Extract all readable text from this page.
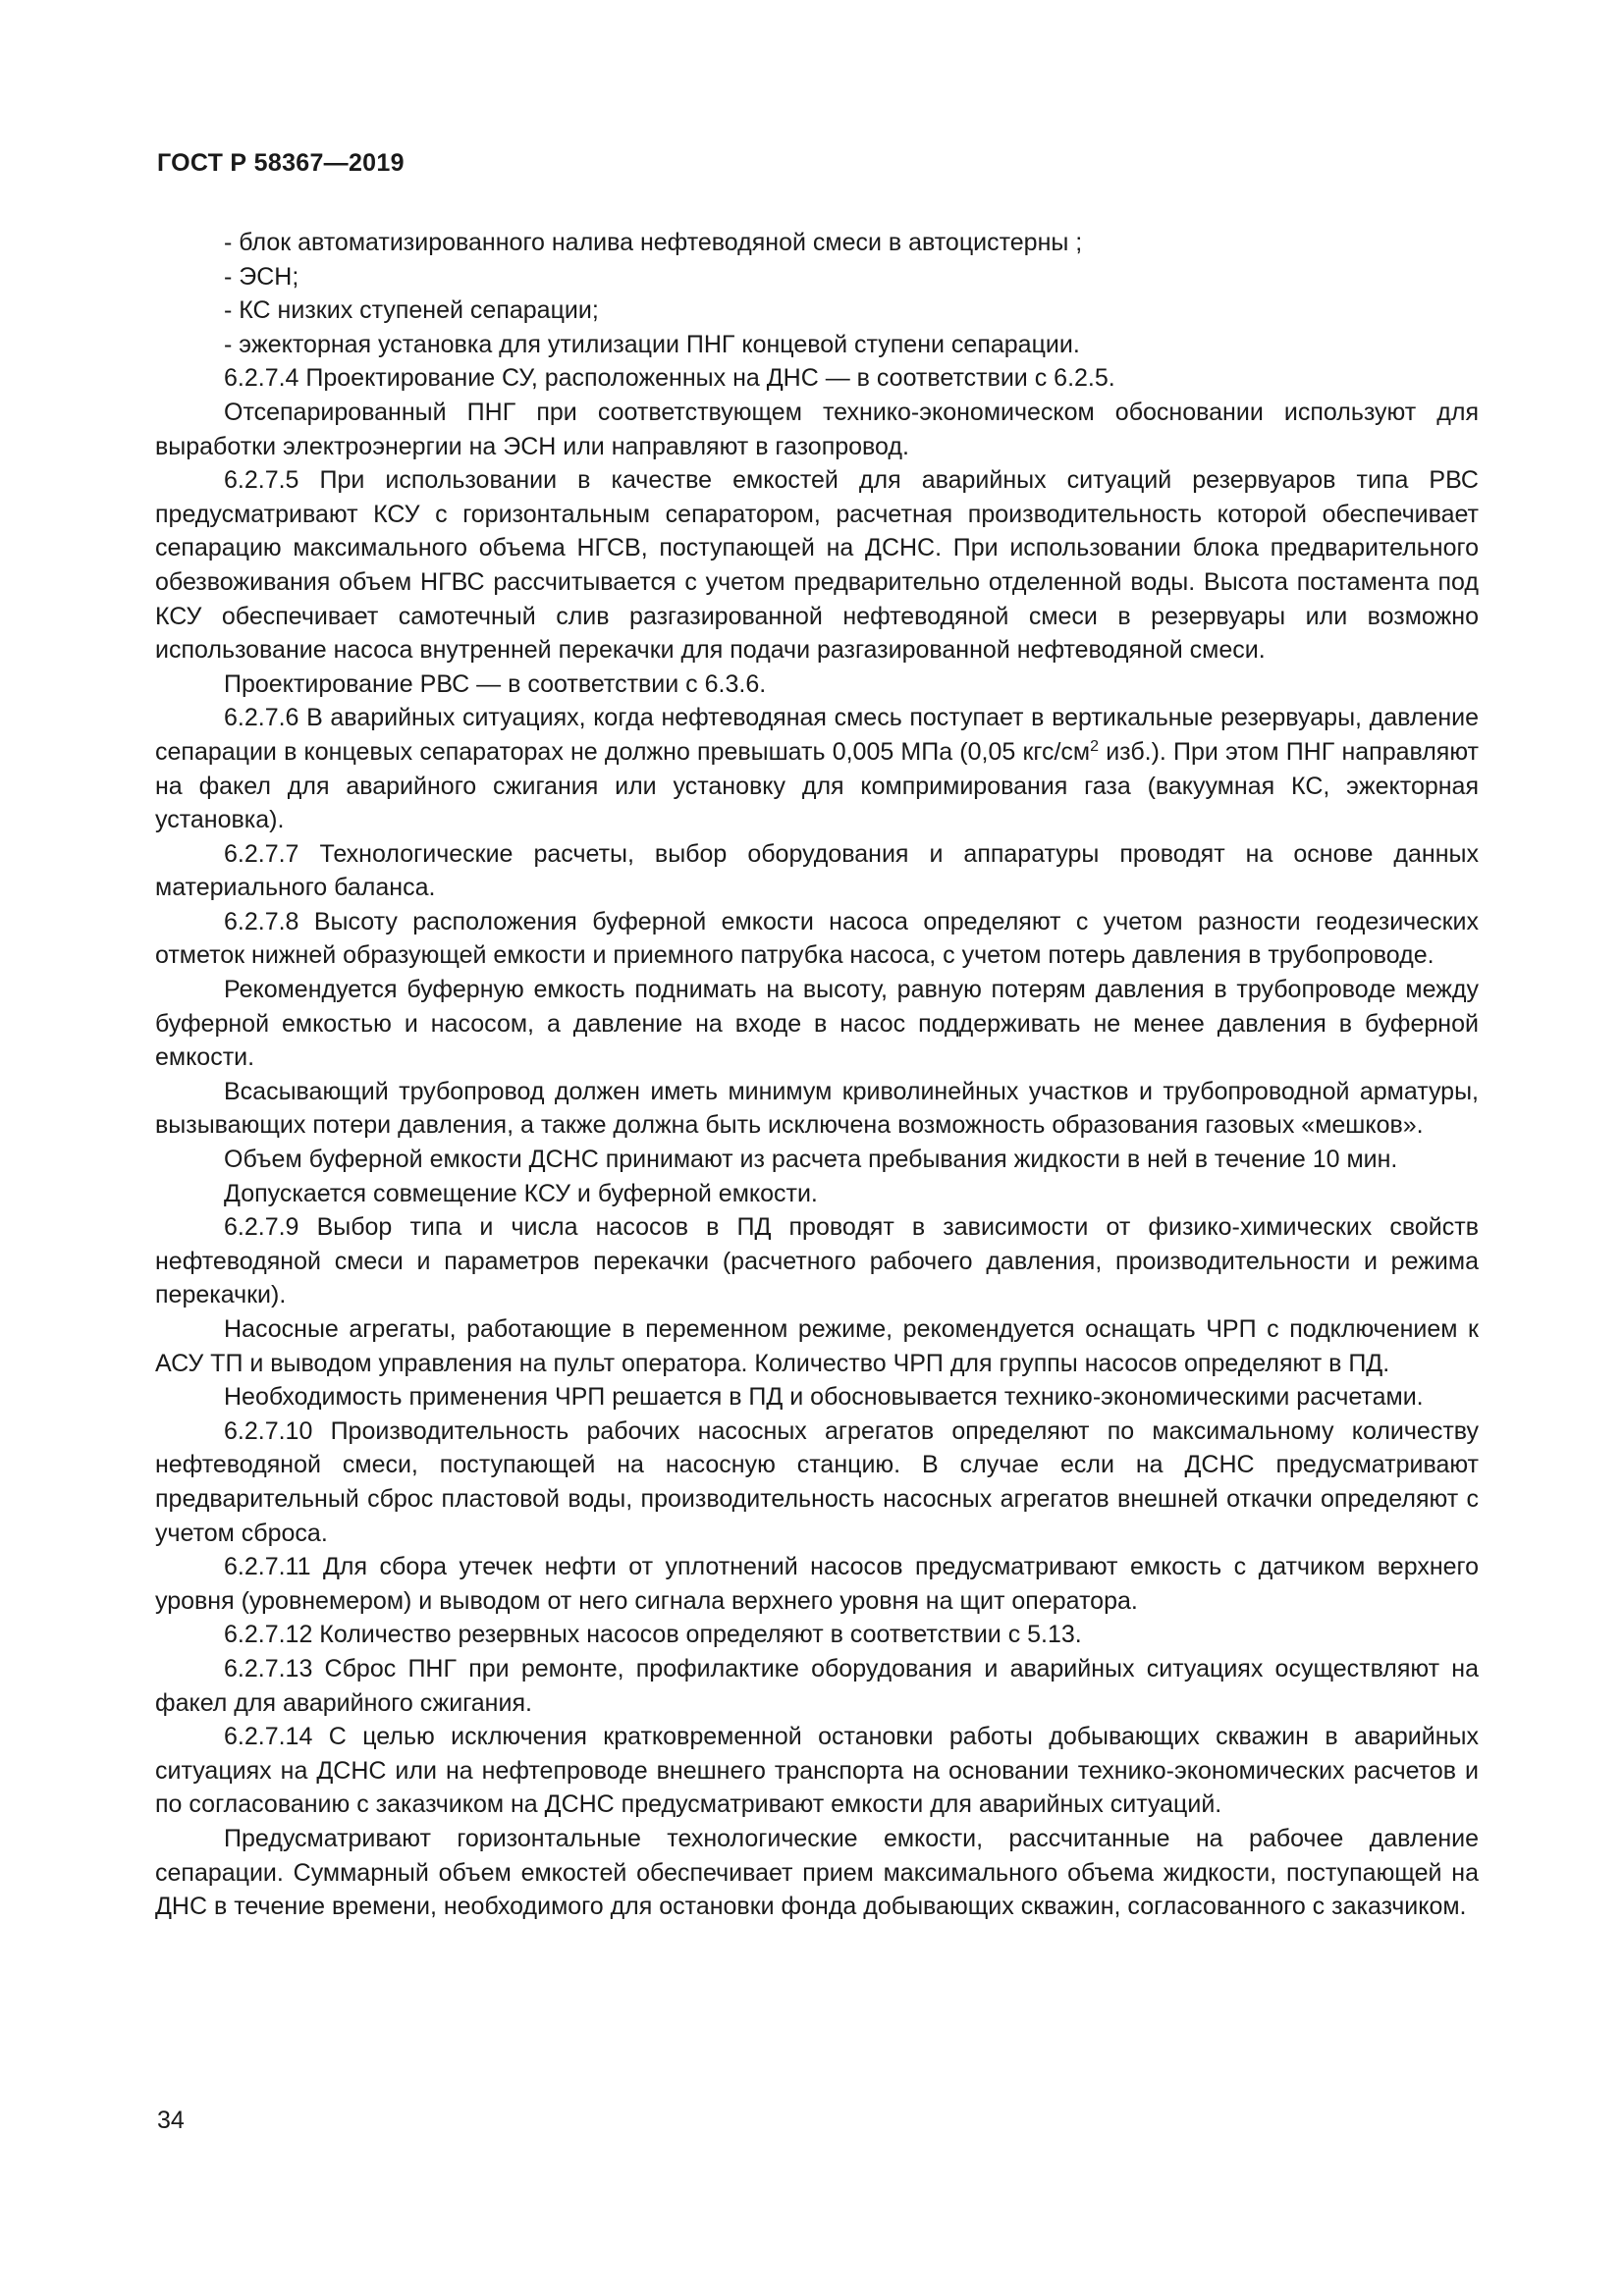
ГОСТ Р 58367—2019

- блок автоматизированного налива нефтеводяной смеси в автоцистерны ;

- ЭСН;

- КС низких ступеней сепарации;

- эжекторная установка для утилизации ПНГ концевой ступени сепарации.

6.2.7.4 Проектирование СУ, расположенных на ДНС — в соответствии с 6.2.5.

Отсепарированный ПНГ при соответствующем технико-экономическом обосновании используют для выработки электроэнергии на ЭСН или направляют в газопровод.

6.2.7.5 При использовании в качестве емкостей для аварийных ситуаций резервуаров типа РВС предусматривают КСУ с горизонтальным сепаратором, расчетная производительность которой обеспечивает сепарацию максимального объема НГСВ, поступающей на ДСНС. При использовании блока предварительного обезвоживания объем НГВС рассчитывается с учетом предварительно отделенной воды. Высота постамента под КСУ обеспечивает самотечный слив разгазированной нефтеводяной смеси в резервуары или возможно использование насоса внутренней перекачки для подачи разгазированной нефтеводяной смеси.

Проектирование РВС — в соответствии с 6.3.6.

6.2.7.6 В аварийных ситуациях, когда нефтеводяная смесь поступает в вертикальные резервуары, давление сепарации в концевых сепараторах не должно превышать 0,005 МПа (0,05 кгс/$см^2$ изб.). При этом ПНГ направляют на факел для аварийного сжигания или установку для компримирования газа (вакуумная КС, эжекторная установка).

6.2.7.7 Технологические расчеты, выбор оборудования и аппаратуры проводят на основе данных материального баланса.

6.2.7.8 Высоту расположения буферной емкости насоса определяют с учетом разности геодезических отметок нижней образующей емкости и приемного патрубка насоса, с учетом потерь давления в трубопроводе.

Рекомендуется буферную емкость поднимать на высоту, равную потерям давления в трубопроводе между буферной емкостью и насосом, а давление на входе в насос поддерживать не менее давления в буферной емкости.

Всасывающий трубопровод должен иметь минимум криволинейных участков и трубопроводной арматуры, вызывающих потери давления, а также должна быть исключена возможность образования газовых «мешков».

Объем буферной емкости ДСНС принимают из расчета пребывания жидкости в ней в течение 10 мин.

Допускается совмещение КСУ и буферной емкости.

6.2.7.9 Выбор типа и числа насосов в ПД проводят в зависимости от физико-химических свойств нефтеводяной смеси и параметров перекачки (расчетного рабочего давления, производительности и режима перекачки).

Насосные агрегаты, работающие в переменном режиме, рекомендуется оснащать ЧРП с подключением к АСУ ТП и выводом управления на пульт оператора. Количество ЧРП для группы насосов определяют в ПД.

Необходимость применения ЧРП решается в ПД и обосновывается технико-экономическими расчетами.

6.2.7.10 Производительность рабочих насосных агрегатов определяют по максимальному количеству нефтеводяной смеси, поступающей на насосную станцию. В случае если на ДСНС предусматривают предварительный сброс пластовой воды, производительность насосных агрегатов внешней откачки определяют с учетом сброса.

6.2.7.11 Для сбора утечек нефти от уплотнений насосов предусматривают емкость с датчиком верхнего уровня (уровнемером) и выводом от него сигнала верхнего уровня на щит оператора.

6.2.7.12 Количество резервных насосов определяют в соответствии с 5.13.

6.2.7.13 Сброс ПНГ при ремонте, профилактике оборудования и аварийных ситуациях осуществляют на факел для аварийного сжигания.

6.2.7.14 С целью исключения кратковременной остановки работы добывающих скважин в аварийных ситуациях на ДСНС или на нефтепроводе внешнего транспорта на основании технико-экономических расчетов и по согласованию с заказчиком на ДСНС предусматривают емкости для аварийных ситуаций.

Предусматривают горизонтальные технологические емкости, рассчитанные на рабочее давление сепарации. Суммарный объем емкостей обеспечивает прием максимального объема жидкости, поступающей на ДНС в течение времени, необходимого для остановки фонда добывающих скважин, согласованного с заказчиком.

34
